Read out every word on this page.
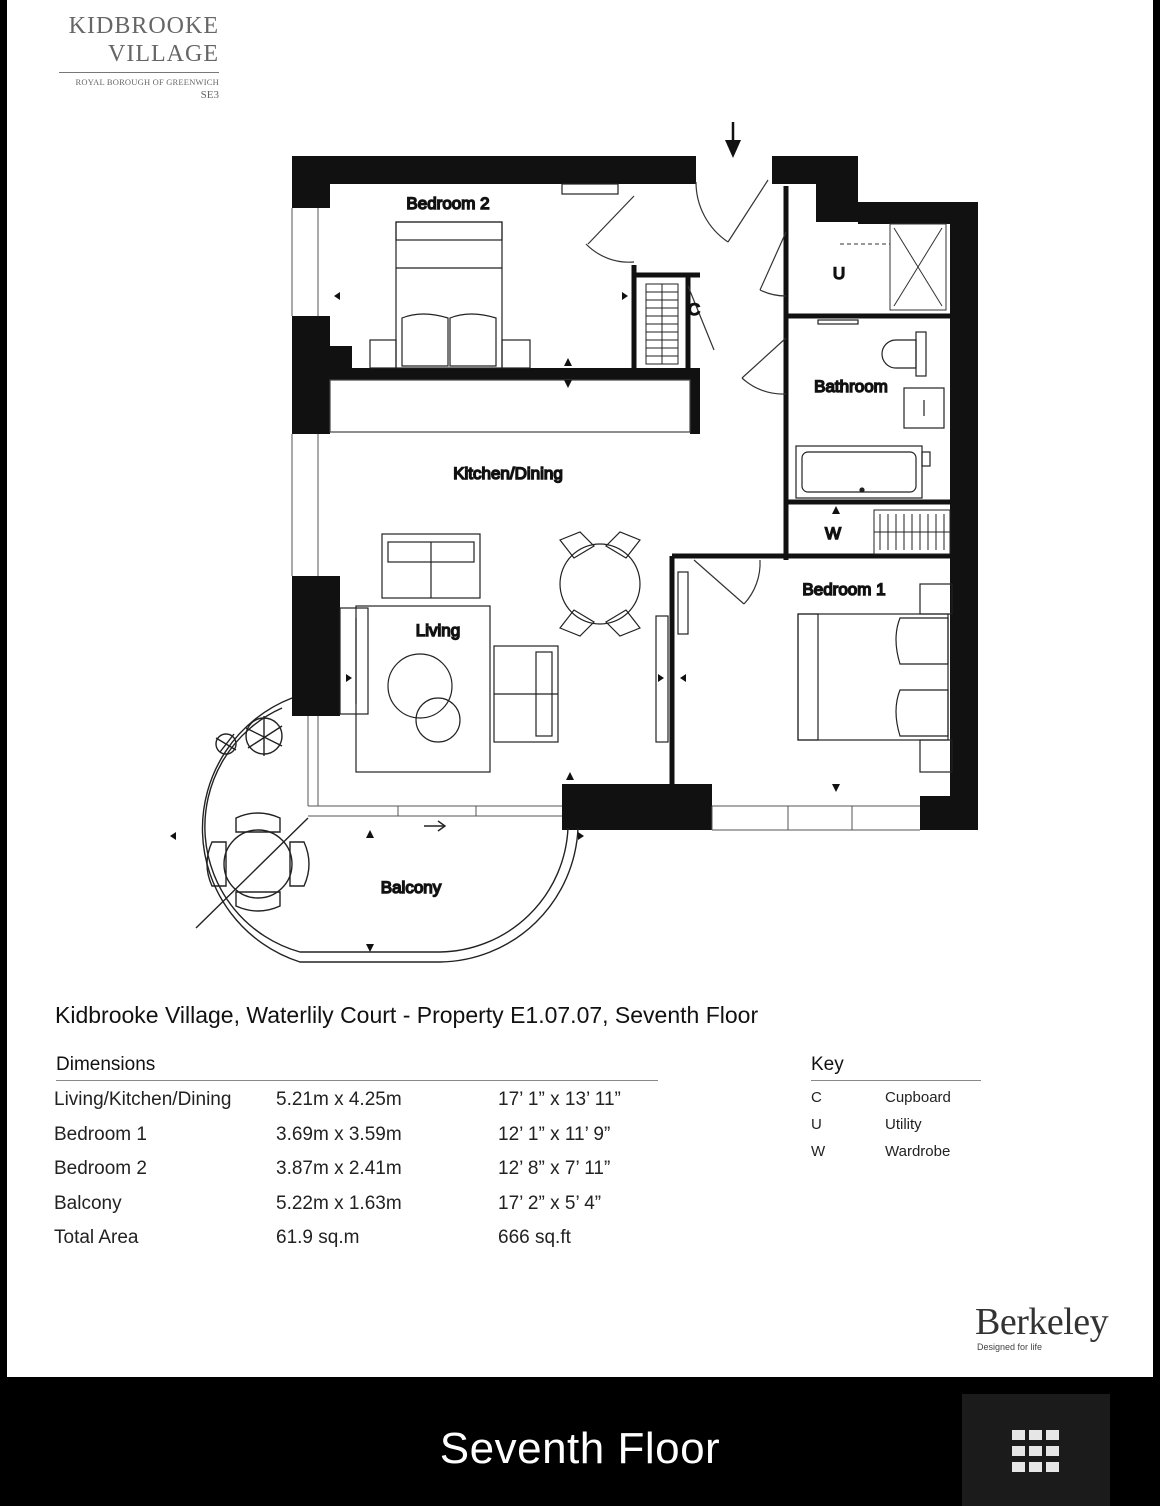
KIDBROOKE
VILLAGE
ROYAL BOROUGH OF GREENWICH
SE3
Bedroom 2
Kitchen/Dining
Living
Bathroom
Bedroom 1
Balcony
U
C
W
Kidbrooke Village, Waterlily Court - Property E1.07.07, Seventh Floor
Dimensions
Living/Kitchen/Dining	5.21m x 4.25m	17’ 1” x 13’ 11”
Bedroom 1	3.69m x 3.59m	12’ 1” x 11’ 9”
Bedroom 2	3.87m x 2.41m	12’ 8” x 7’ 11”
Balcony	5.22m x 1.63m	17’ 2” x 5’ 4”
Total Area	61.9 sq.m	666 sq.ft
Key
C	Cupboard
U	Utility
W	Wardrobe
Berkeley
Designed for life
Seventh Floor
